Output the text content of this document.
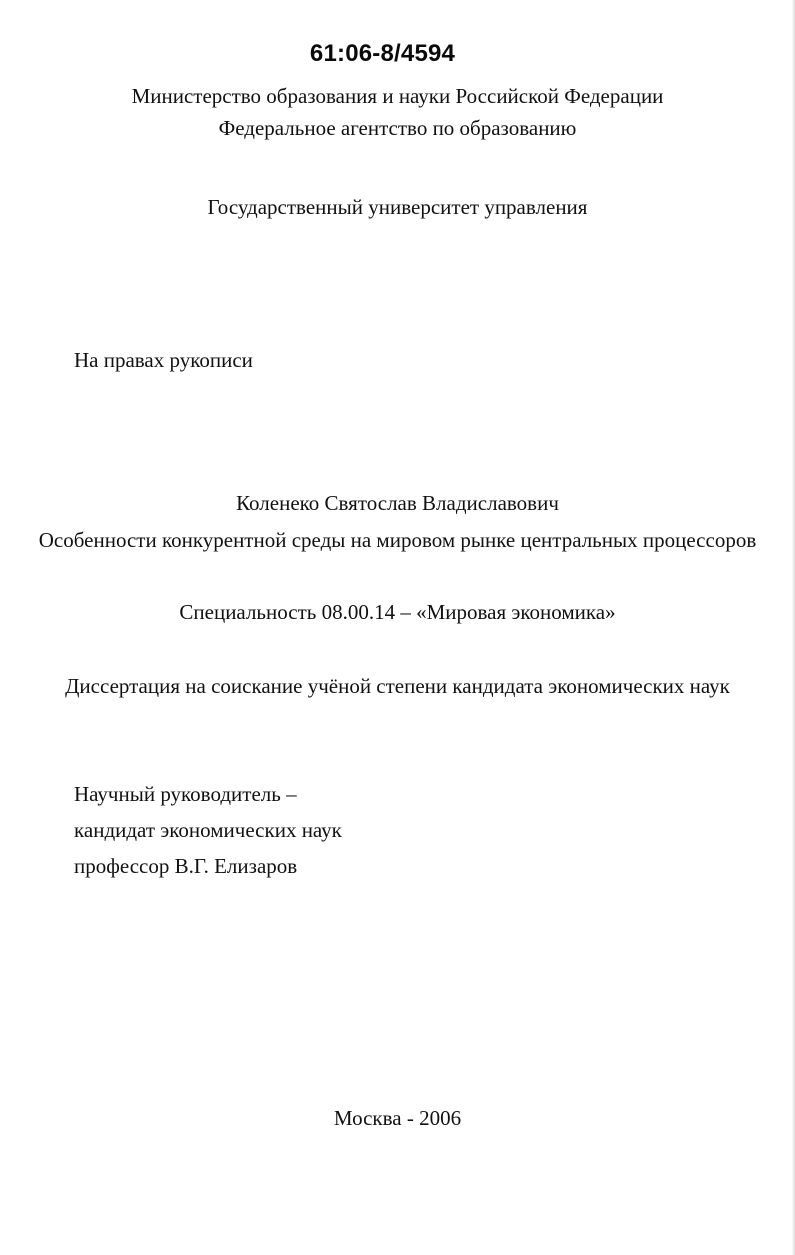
61:06-8/4594
Министерство образования и науки Российской Федерации
Федеральное агентство по образованию
Государственный университет управления
На правах рукописи
Коленеко Святослав Владиславович
Особенности конкурентной среды на мировом рынке центральных процессоров
Специальность 08.00.14 – «Мировая экономика»
Диссертация на соискание учёной степени кандидата экономических наук
Научный руководитель –
кандидат экономических наук
профессор В.Г. Елизаров
Москва - 2006
